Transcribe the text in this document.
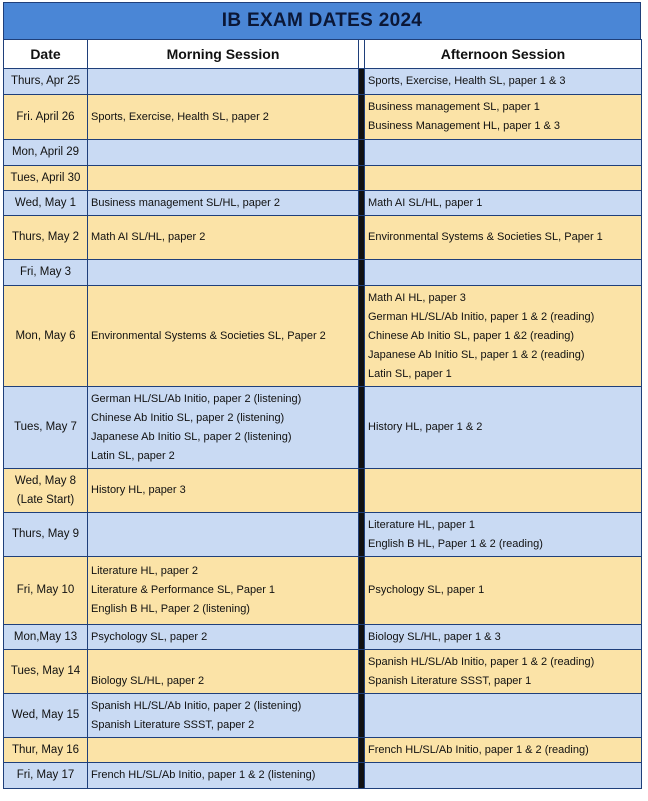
IB EXAM DATES 2024
Date	Morning Session		Afternoon Session

Thurs, Apr 25			Sports, Exercise, Health SL, paper 1 & 3

Fri. April 26	Sports, Exercise, Health SL, paper 2		Business management SL, paper 1
Business Management HL, paper 1 & 3

Mon, April 29			

Tues, April 30			

Wed, May 1	Business management SL/HL, paper 2		Math AI SL/HL, paper 1

Thurs, May 2	Math AI SL/HL, paper 2		Environmental Systems & Societies SL, Paper 1

Fri, May 3			

Mon, May 6	Environmental Systems & Societies SL, Paper 2		Math AI HL, paper 3
German HL/SL/Ab Initio, paper 1 & 2 (reading)
Chinese Ab Initio SL, paper 1 &2 (reading)
Japanese Ab Initio SL, paper 1 & 2 (reading)
Latin SL, paper 1

Tues, May 7	German HL/SL/Ab Initio, paper 2 (listening)
Chinese Ab Initio SL, paper 2 (listening)
Japanese Ab Initio SL, paper 2 (listening)
Latin SL, paper 2		History HL, paper 1 & 2

Wed, May 8
(Late Start)	History HL, paper 3		

Thurs, May 9			Literature HL, paper 1
English B HL, Paper 1 & 2 (reading)

Fri, May 10	Literature HL, paper 2
Literature & Performance SL, Paper 1
English B HL, Paper 2 (listening)		Psychology SL, paper 1

Mon,May 13	Psychology SL, paper 2		Biology SL/HL, paper 1 & 3

Tues, May 14	Biology SL/HL, paper 2		Spanish HL/SL/Ab Initio, paper 1 & 2 (reading)
Spanish Literature SSST, paper 1

Wed, May 15	Spanish HL/SL/Ab Initio, paper 2 (listening)
Spanish Literature SSST, paper 2		

Thur, May 16			French HL/SL/Ab Initio, paper 1 & 2 (reading)

Fri, May 17	French HL/SL/Ab Initio, paper 1 & 2 (listening)		
